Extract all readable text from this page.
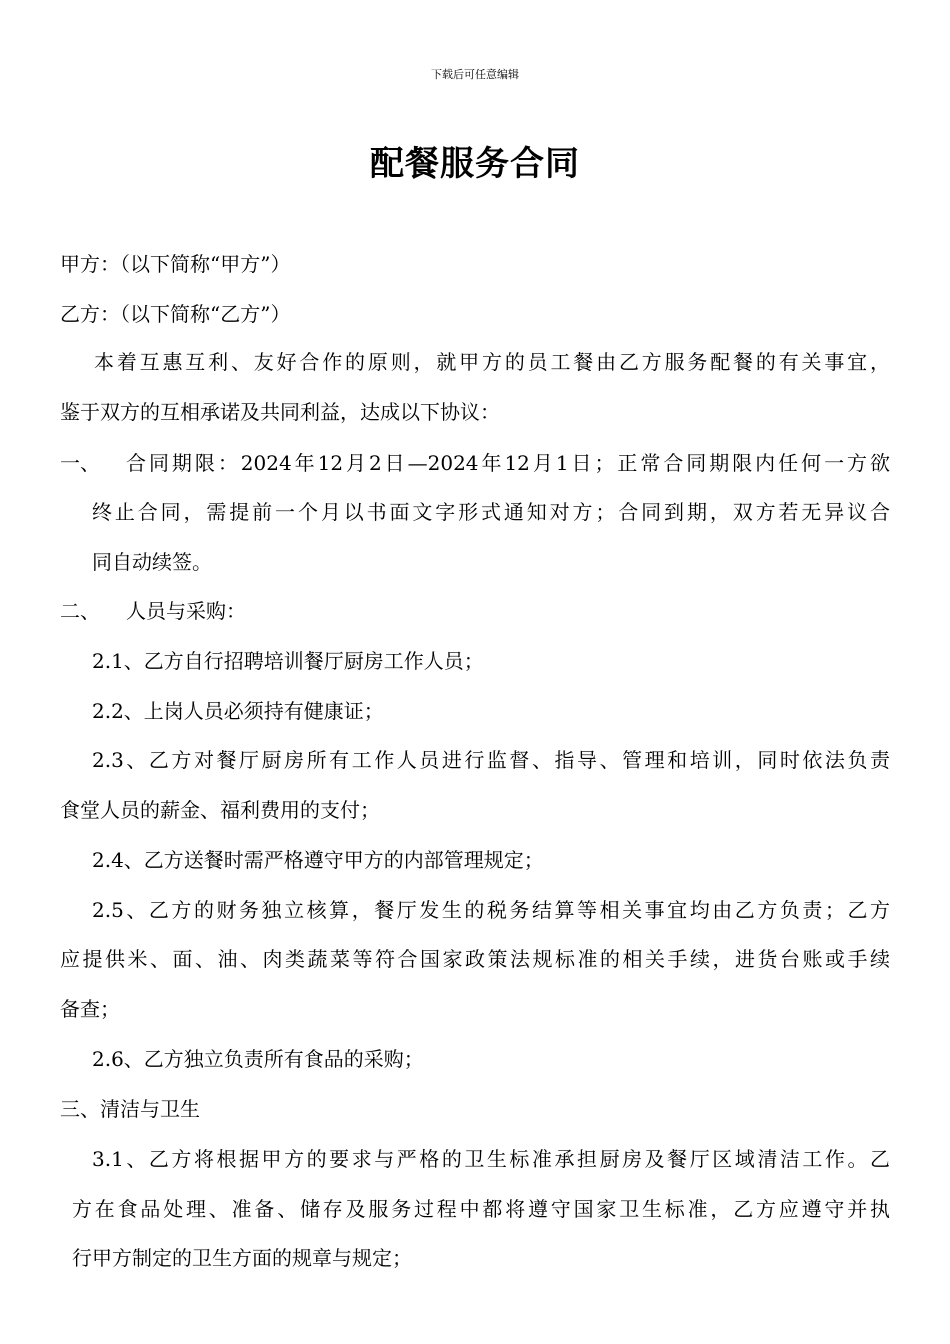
下载后可任意编辑
配餐服务合同
甲方：（以下简称“甲方”）
乙方：（以下简称“乙方”）
本着互惠互利、友好合作的原则，就甲方的员工餐由乙方服务配餐的有关事宜，
鉴于双方的互相承诺及共同利益，达成以下协议：
一、 合同期限：2024年12月2日—2024年12月1日；正常合同期限内任何一方欲
终止合同，需提前一个月以书面文字形式通知对方；合同到期，双方若无异议合
同自动续签。
二、 人员与采购：
2.1、乙方自行招聘培训餐厅厨房工作人员；
2.2、上岗人员必须持有健康证；
2.3、乙方对餐厅厨房所有工作人员进行监督、指导、管理和培训，同时依法负责
食堂人员的薪金、福利费用的支付；
2.4、乙方送餐时需严格遵守甲方的内部管理规定；
2.5、乙方的财务独立核算，餐厅发生的税务结算等相关事宜均由乙方负责；乙方
应提供米、面、油、肉类蔬菜等符合国家政策法规标准的相关手续，进货台账或手续
备查；
2.6、乙方独立负责所有食品的采购；
三、清洁与卫生
3.1、乙方将根据甲方的要求与严格的卫生标准承担厨房及餐厅区域清洁工作。乙
方在食品处理、准备、储存及服务过程中都将遵守国家卫生标准，乙方应遵守并执
行甲方制定的卫生方面的规章与规定；
